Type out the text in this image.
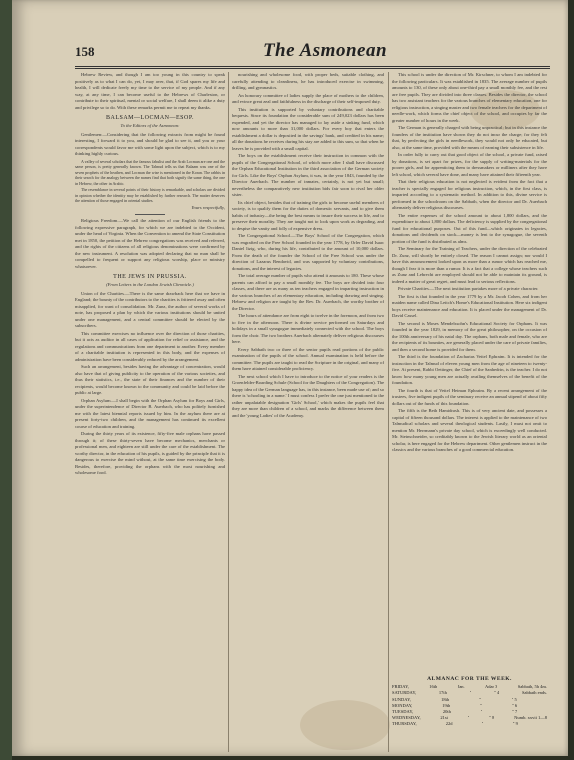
158	The Asmonean

Hebrew Review, and though I am too young in this country to speak positively as to what I can do, yet, I may aver, that, if God spares my life and health, I will dedicate freely my time to the service of my people. And if any way, at any time, I can become useful to the Hebrews of Charleston, or contribute to their spiritual, mental or social welfare, I shall deem it alike a duty and privilege so to do. With these remarks permit me to repeat my thanks.

BALSAM—LOCMAN—ESOP.

To the Editors of the Asmonean:

Gentlemen:—Considering that the following extracts from might be found interesting, I forward it to you, and should be glad to see it, and you or your correspondents would favor me with some light upon the subject, which is to my thinking highly curious.

A valley of several scholars that the famous fabulist and the Arab Locman are one and the same person, is pretty generally known. The Talmud tells us that Balaam was one of the seven prophets of the heathen, and Locman the wise is mentioned in the Koran. The rabbis in their search for the analogy between the names find that both signify the same thing, the one in Hebrew, the other in Arabic.

The resemblance in several points of their history is remarkable, and scholars are divided in opinion whether the identity may be established by further research. The matter deserves the attention of those engaged in oriental studies.

Yours respectfully,

Religious Freedom.—We call the attention of our English friends to the following expressive paragraph, for which we are indebted to the Occident, under the head of Virginia. When the Convention to amend the State Constitution met in 1850, the petition of the Hebrew congregations was received and referred, and the rights of the citizens of all religious denominations were confirmed by the new instrument. A resolution was adopted declaring that no man shall be compelled to frequent or support any religious worship, place or ministry whatsoever.

THE JEWS IN PRUSSIA.

(From Letters in the London Jewish Chronicle.)

Union of the Charities.—There is the same drawback here that we have in England; the bounty of the contributors to the charities is frittered away and often misapplied, for want of consolidation. Mr. Zunz, the author of several works of note, has proposed a plan by which the various institutions should be united under one management, and a central committee should be elected by the subscribers.

This committee exercises no influence over the direction of those charities, but it acts as auditor in all cases of application for relief or assistance, and the regulations and communications from one department to another. Every member of a charitable institution is represented in this body, and the expenses of administration have been considerably reduced by the arrangement.

Such an arrangement, besides having the advantage of concentration, would also have that of giving publicity to the operation of the various societies, and thus their statistics, i.e., the state of their finances and the number of their recipients, would become known to the community and could be laid before the public at large.

Orphan Asylum.—I shall begin with the Orphan Asylum for Boys and Girls, under the superintendence of Director B. Auerbach, who has politely furnished me with the latest biennial reports issued by him. In the asylum there are at present forty-two children, and the management has continued its excellent course of education and training.

During the thirty years of its existence, fifty-five male orphans have passed through it; of these thirty-seven have become mechanics, merchants or professional men, and eighteen are still under the care of the establishment. The worthy director, in the education of his pupils, is guided by the principle that it is dangerous to exercise the mind without, at the same time exercising the body. Besides, therefore, providing the orphans with the most nourishing and wholesome food.

nourishing and wholesome food, with proper beds, suitable clothing, and carefully attending to cleanliness, he has introduced exercise in swimming, drilling, and gymnastics.

An honorary committee of ladies supply the place of mothers to the children, and evince great zeal and faithfulness in the discharge of their self-imposed duty.

This institution is supported by voluntary contributions and charitable bequests. Since its foundation the considerable sum of 249,023 dollars has been expended, and yet the director has managed to lay aside a sinking fund, which now amounts to more than 31,000 dollars. For every boy that enters the establishment a dollar is deposited in the savings' bank, and credited in his name; all the donations he receives during his stay are added to this sum, so that when he leaves he is provided with a small capital.

The boys on the establishment receive their instruction in common with the pupils of the Congregational School, of which more after I shall have discussed the Orphan Educational Institution in the third association of the German society for Girls. Like the Boys' Orphan Asylum, it was, in the year 1843, founded by the Director Auerbach. The number of inmates, certainly, is not yet but small; nevertheless the comparatively new institution bids fair soon to rival her older sister.

Its chief object, besides that of training the girls to become useful members of society, is to qualify them for the duties of domestic servants, and to give them habits of industry—the being the best means to insure their success in life, and to preserve their morality. They are taught not to look upon work as degrading, and to despise the vanity and folly of expensive dress.

The Congregational School.—The Boys' School of the Congregation, which was engrafted on the Free School founded in the year 1778, by Orler David Isaac Daniel Itzig, who, during his life, contributed to the amount of 10,000 dollars. From the death of the founder the School of the Free School was under the direction of Lazarus Bendavid, and was supported by voluntary contributions, donations, and the interest of legacies.

The total average number of pupils who attend it amounts to 180. These whose parents can afford to pay a small monthly fee. The boys are divided into four classes, and there are as many as ten teachers engaged in imparting instruction in the various branches of an elementary education, including drawing and singing. Hebrew and religion are taught by the Rev. Dr. Auerbach, the worthy brother of the Director.

The hours of attendance are from eight to twelve in the forenoon, and from two to five in the afternoon. There is divine service performed on Saturdays and holidays in a small synagogue immediately connected with the school. The boys form the choir. The two brothers Auerbach alternately deliver religious discourses here.

Every Sabbath two or three of the senior pupils read portions of the public examination of the pupils of the school. Annual examination is held before the committee. The pupils are taught to read the Scripture in the original, and many of them have attained considerable proficiency.

The next school which I have to introduce to the notice of your readers is the Groenfelder-Boarding Schule (School for the Daughters of the Congregation). The happy idea of the German language has, in this instance, been made use of; and so there is 'schooling in a name.' I must confess I prefer the one just mentioned to the rather unpalatable designation 'Girls' School,' which makes the pupils feel that they are more than children of a school, and marks the difference between them and the 'young Ladies' of the Academy.

This school is under the direction of Mr. Kirschner, to whom I am indebted for the following particulars. It was established in 1835. The average number of pupils amounts to 130, of these only about one-third pay a small monthly fee, and the rest are free pupils. They are divided into three classes. Besides the director, the school has two assistant teachers for the various branches of elementary education, one for religious instruction, a singing master and two female teachers for the department of needle-work, which forms the chief object of the school, and occupies by far the greater number of hours in the week.

The German is generally charged with being unpractical; but in this instance the founders of the institution have shown they do not incur the charge; for they felt that, by perfecting the girls in needlework, they would not only be educated, but also, at the same time, provided with the means of earning their subsistence in life.

In order fully to carry out that good object of the school, a private fund, raised by donations, is set apart for prizes, for the supply of writing-materials for the poorer girls, and for apprenticing them to dressmakers or milliners after they have left school, which several have done, and many have attained their fifteenth year.

That their religious education is not neglected is evident from the fact that a teacher is specially engaged for religious instruction, which, in the first class, is imparted according to a systematic method. In addition to this, divine service is performed in the schoolroom on the Sabbath, when the director and Dr. Auerbach alternately deliver religious discourses.

The entire expenses of the school amount to about 1,800 dollars, and the expenditure to about 1,800 dollars. The deficiency is supplied by the congregational fund for educational purposes. Out of this fund—which originates in legacies, donations and dividends on stock—money is lent to the synagogue, the seventh portion of the fund is distributed as alms.

The Seminary for the Training of Teachers, under the direction of the celebrated Dr. Zunz, will shortly be entirely closed. The reason I cannot assign; nor would I have this announcement looked upon as more than a rumor which has reached me, though I fear it is more than a rumor. It is a fact that a college whose teachers such as Zunz and Lebrecht are employed should not be able to maintain its ground, is indeed a matter of great regret, and must lead to serious reflections.

Private Charities.—The next institution partakes more of a private character.

The first is that founded in the year 1779 by a Mr. Jacob Cohen, and from her maiden name called Dina Leitch's Home's Educational Institution. Here six indigent boys receive maintenance and education. It is placed under the management of Dr. David Cassel.

The second is Moses Mendelssohn's Educational Society for Orphans. It was founded in the year 1829, in memory of the great philosopher, on the occasion of the 100th anniversary of his natal day. The orphans, both male and female, who are the recipients of its bounties, are generally placed under the care of private families, and then a second home is provided for them.

The third is the foundation of Zacharias Veitel Ephraim. It is intended for the instruction in the Talmud of eleven young men from the age of nineteen to twenty-five. At present, Rabbi Oettinger, the Chief of the Sanhedrin, is the teacher. I do not know how many young men are actually availing themselves of the benefit of the foundation.

The fourth is that of Veitel Heiman Ephraim. By a recent arrangement of the trustees, five indigent pupils of the seminary receive an annual stipend of about fifty dollars out of the funds of this foundation.

The fifth is the Beth Hamidrash. This is of very ancient date, and possesses a capital of fifteen thousand dollars. The interest is applied to the maintenance of two Talmudical scholars and several theological students. Lastly, I must not omit to mention Mr. Herrmann's private day school, which is exceedingly well conducted. Mr. Steinschneider, so creditably known to the Jewish literary world as an oriental scholar, is here engaged for the Hebrew department. Other gentlemen instruct in the classics and the various branches of a good commercial education.

ALMANAC FOR THE WEEK.
FRIDAY,	16th	Jan.	Adar 3	Sabbath, 5h 4m.
SATURDAY,	17th	"	" 4	Sabbath ends.
SUNDAY,	18th	"	" 5
MONDAY,	19th	"	" 6
TUESDAY,	20th	"	" 7
WEDNESDAY,	21st	"	" 8	Numb. xxvii 1—8
THURSDAY,	22d	"	" 9
